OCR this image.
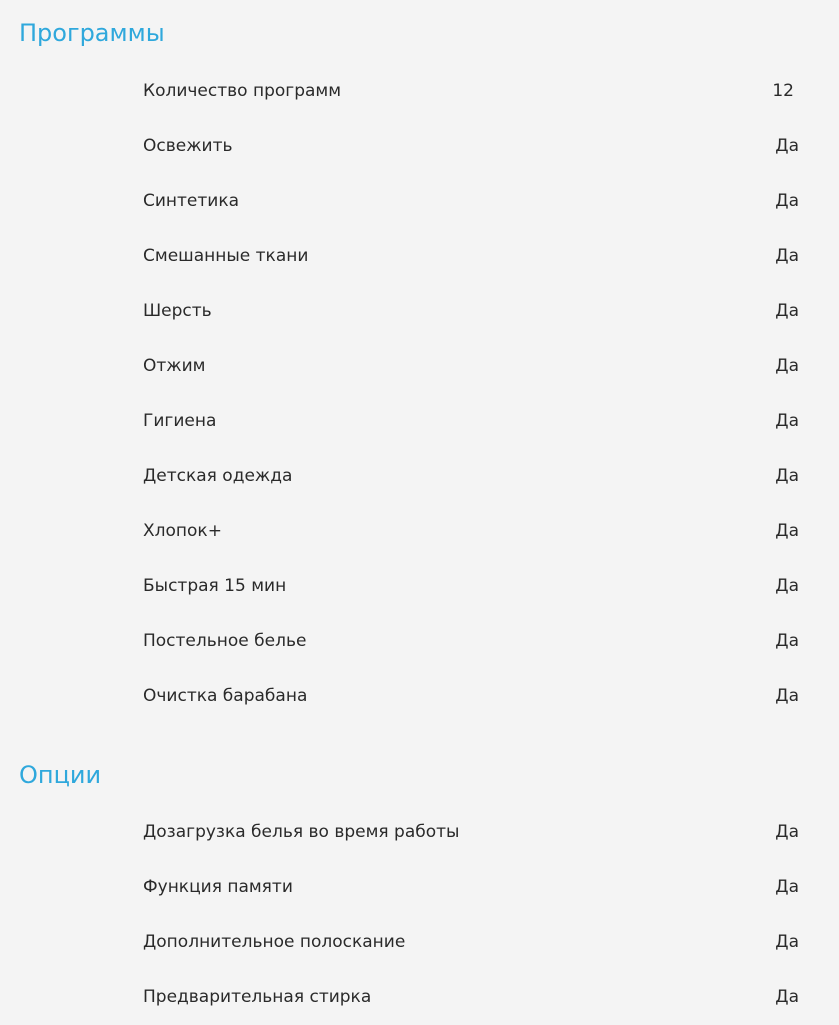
Программы
Количество программ	12
Освежить	Да
Синтетика	Да
Смешанные ткани	Да
Шерсть	Да
Отжим	Да
Гигиена	Да
Детская одежда	Да
Хлопок+	Да
Быстрая 15 мин	Да
Постельное белье	Да
Очистка барабана	Да
Опции
Дозагрузка белья во время работы	Да
Функция памяти	Да
Дополнительное полоскание	Да
Предварительная стирка	Да
